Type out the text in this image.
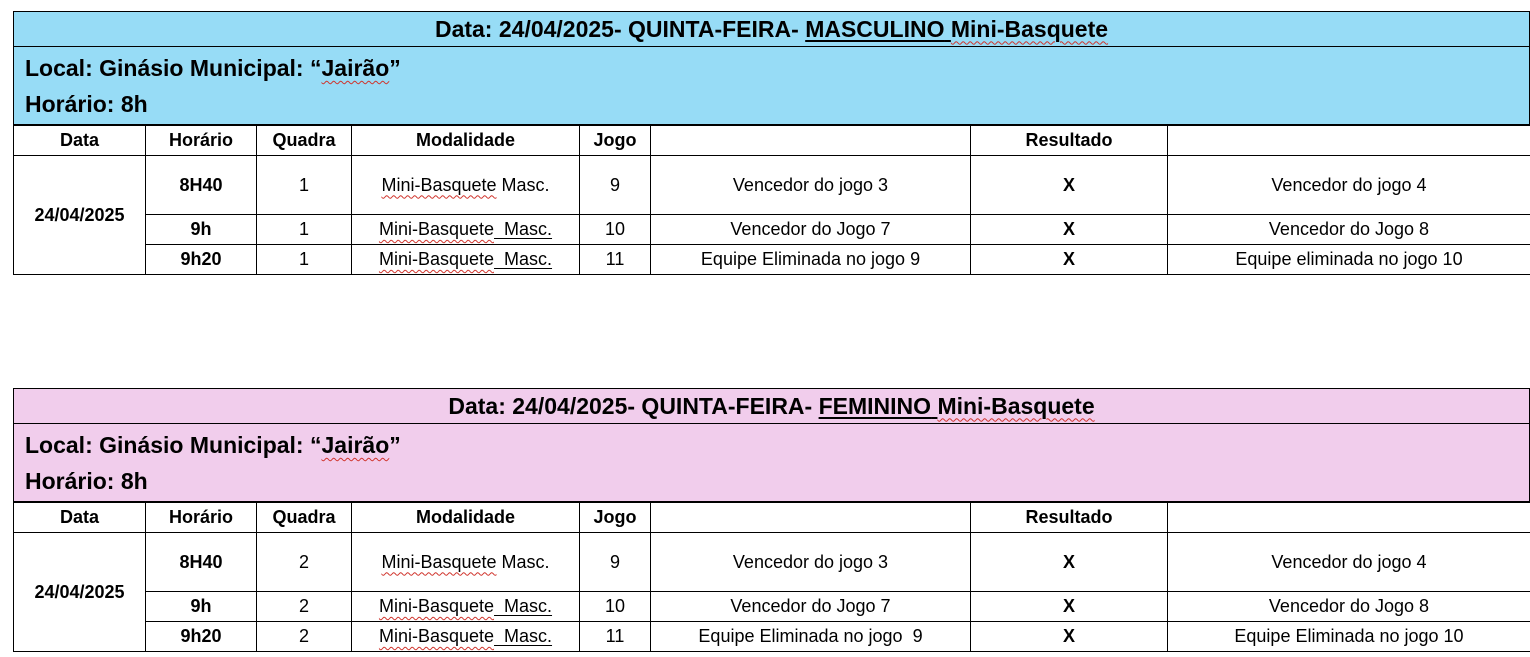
Data: 24/04/2025- QUINTA-FEIRA- MASCULINO
Mini-Basquete
Local: Ginásio Municipal: “Jairão”
Horário: 8h
Data	Horário	Quadra	Modalidade	Jogo		Resultado	
24/04/2025	8H40	1	Mini-Basquete Masc.	9	Vencedor do jogo 3	X	Vencedor do jogo 4
	9h	1	Mini-Basquete  Masc.	10	Vencedor do Jogo 7	X	Vencedor do Jogo 8
	9h20	1	Mini-Basquete  Masc.	11	Equipe Eliminada no jogo 9	X	Equipe eliminada no jogo 10
Data: 24/04/2025- QUINTA-FEIRA- FEMININO
Mini-Basquete
Local: Ginásio Municipal: “Jairão”
Horário: 8h
Data	Horário	Quadra	Modalidade	Jogo		Resultado	
24/04/2025	8H40	2	Mini-Basquete Masc.	9	Vencedor do jogo 3	X	Vencedor do jogo 4
	9h	2	Mini-Basquete  Masc.	10	Vencedor do Jogo 7	X	Vencedor do Jogo 8
	9h20	2	Mini-Basquete  Masc.	11	Equipe Eliminada no jogo  9	X	Equipe Eliminada no jogo 10
